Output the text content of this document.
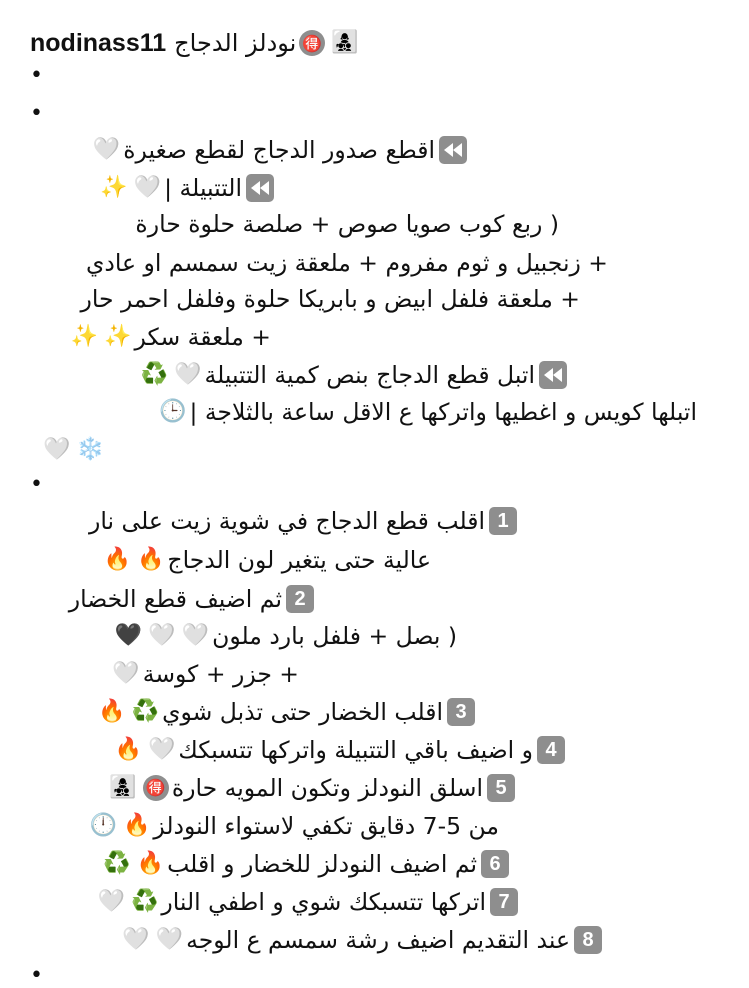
nodinass11 نودلز الدجاج 🉐 👩‍👧‍👦
•
•
اقطع صدور الدجاج لقطع صغيرة
🤍
التتبيلة |
🤍
✨
( ربع كوب صويا صوص + صلصة حلوة حارة
+ زنجبيل و ثوم مفروم + ملعقة زيت سمسم او عادي
+ ملعقة فلفل ابيض و بابريكا حلوة وفلفل احمر حار
+ ملعقة سكر
✨
✨
اتبل قطع الدجاج بنص كمية التتبيلة
🤍
♻️
اتبلها كويس و اغطيها واتركها ع الاقل ساعة بالثلاجة |
🕒
❄️
🤍
•
1
اقلب قطع الدجاج في شوية زيت على نار
عالية حتى يتغير لون الدجاج
🔥
🔥
2
ثم اضيف قطع الخضار
( بصل + فلفل بارد ملون
🤍
🤍
🖤
+ جزر + كوسة
🤍
3
اقلب الخضار حتى تذبل شوي
♻️
🔥
4
و اضيف باقي التتبيلة واتركها تتسبكك
🤍
🔥
5
اسلق النودلز وتكون المويه حارة
🉐
👩‍👧‍👦
من 5-7 دقايق تكفي لاستواء النودلز
🔥
🕛
6
ثم اضيف النودلز للخضار و اقلب
🔥
♻️
7
اتركها تتسبكك شوي و اطفي النار
♻️
🤍
8
عند التقديم اضيف رشة سمسم ع الوجه
🤍
🤍
•
